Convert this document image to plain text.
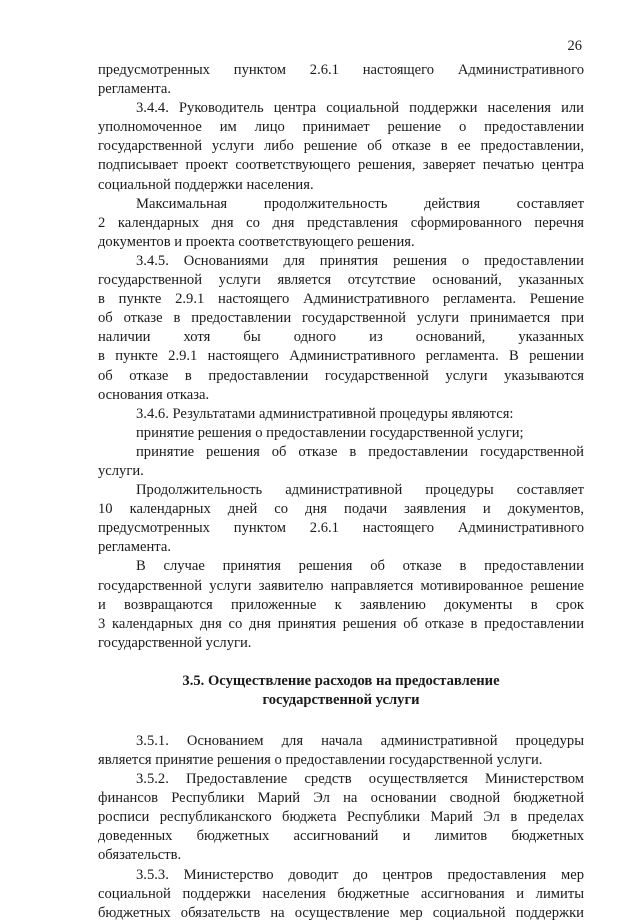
26
предусмотренных пунктом 2.6.1 настоящего Административного
регламента.
3.4.4. Руководитель центра социальной поддержки населения или
уполномоченное им лицо принимает решение о предоставлении
государственной услуги либо решение об отказе в ее предоставлении,
подписывает проект соответствующего решения, заверяет печатью центра
социальной поддержки населения.
Максимальная продолжительность действия составляет
2 календарных дня со дня представления сформированного перечня
документов и проекта соответствующего решения.
3.4.5. Основаниями для принятия решения о предоставлении
государственной услуги является отсутствие оснований, указанных
в пункте 2.9.1 настоящего Административного регламента. Решение
об отказе в предоставлении государственной услуги принимается при
наличии хотя бы одного из оснований, указанных
в пункте 2.9.1 настоящего Административного регламента. В решении
об отказе в предоставлении государственной услуги указываются
основания отказа.
3.4.6. Результатами административной процедуры являются:
принятие решения о предоставлении государственной услуги;
принятие решения об отказе в предоставлении государственной
услуги.
Продолжительность административной процедуры составляет
10 календарных дней со дня подачи заявления и документов,
предусмотренных пунктом 2.6.1 настоящего Административного
регламента.
В случае принятия решения об отказе в предоставлении
государственной услуги заявителю направляется мотивированное решение
и возвращаются приложенные к заявлению документы в срок
3 календарных дня со дня принятия решения об отказе в предоставлении
государственной услуги.
3.5. Осуществление расходов на предоставление
государственной услуги
3.5.1. Основанием для начала административной процедуры
является принятие решения о предоставлении государственной услуги.
3.5.2. Предоставление средств осуществляется Министерством
финансов Республики Марий Эл на основании сводной бюджетной
росписи республиканского бюджета Республики Марий Эл в пределах
доведенных бюджетных ассигнований и лимитов бюджетных
обязательств.
3.5.3. Министерство доводит до центров предоставления мер
социальной поддержки населения бюджетные ассигнования и лимиты
бюджетных обязательств на осуществление мер социальной поддержки
